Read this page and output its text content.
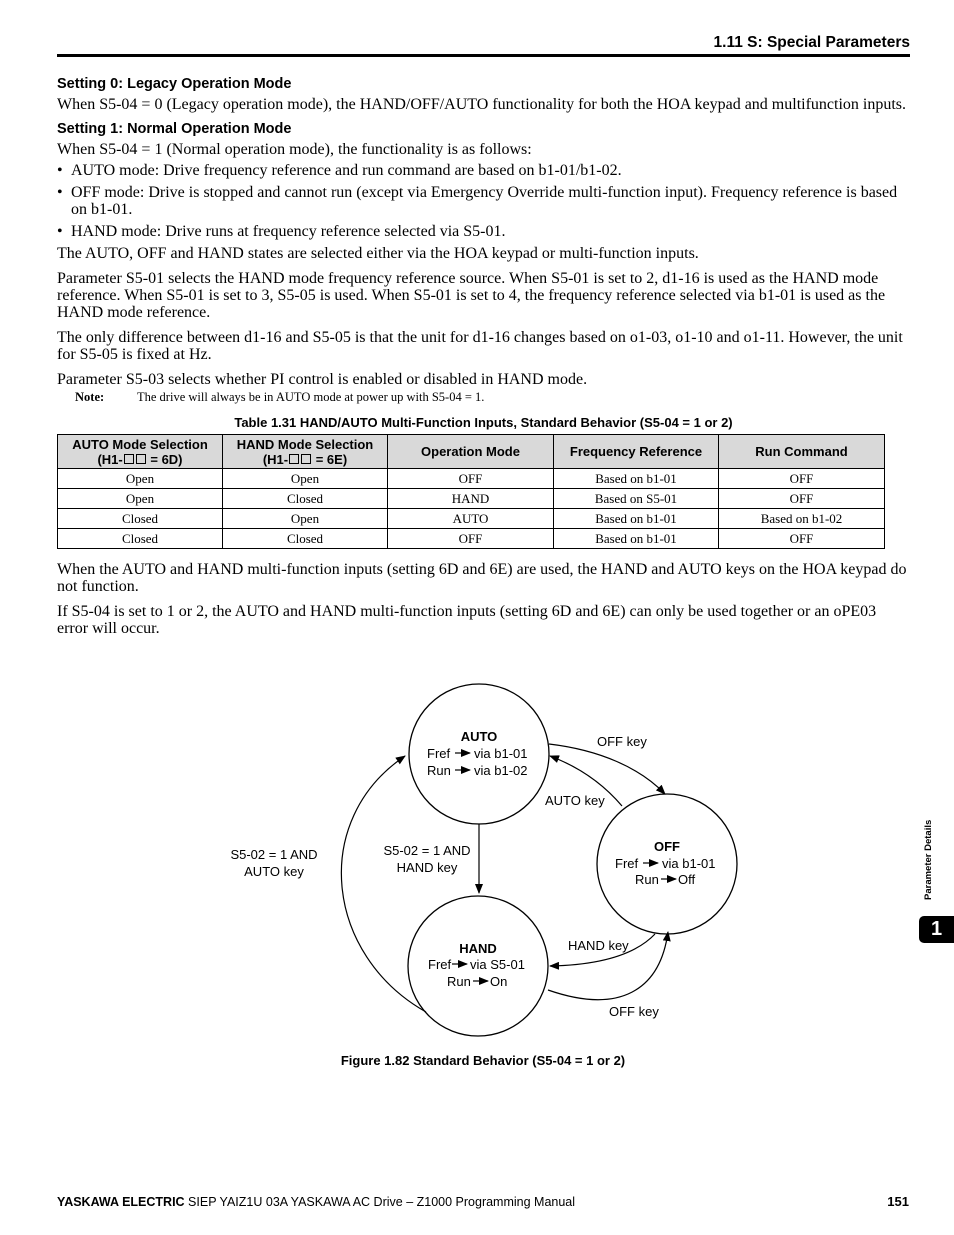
1.11 S: Special Parameters
Setting 0: Legacy Operation Mode

When S5-04 = 0 (Legacy operation mode), the HAND/OFF/AUTO functionality for both the HOA keypad and multifunction inputs.

Setting 1: Normal Operation Mode

When S5-04 = 1 (Normal operation mode), the functionality is as follows:

• AUTO mode: Drive frequency reference and run command are based on b1-01/b1-02.
• OFF mode: Drive is stopped and cannot run (except via Emergency Override multi-function input). Frequency reference is based on b1-01.
• HAND mode: Drive runs at frequency reference selected via S5-01.

The AUTO, OFF and HAND states are selected either via the HOA keypad or multi-function inputs.

Parameter S5-01 selects the HAND mode frequency reference source. When S5-01 is set to 2, d1-16 is used as the HAND mode reference. When S5-01 is set to 3, S5-05 is used. When S5-01 is set to 4, the frequency reference selected via b1-01 is used as the HAND mode reference.

The only difference between d1-16 and S5-05 is that the unit for d1-16 changes based on o1-03, o1-10 and o1-11. However, the unit for S5-05 is fixed at Hz.

Parameter S5-03 selects whether PI control is enabled or disabled in HAND mode.

Note:	The drive will always be in AUTO mode at power up with S5-04 = 1.
Table 1.31 HAND/AUTO Multi-Function Inputs, Standard Behavior (S5-04 = 1 or 2)
AUTO Mode Selection
(H1- = 6D)	HAND Mode Selection
(H1- = 6E)	Operation Mode	Frequency Reference	Run Command
Open	Open	OFF	Based on b1-01	OFF
Open	Closed	HAND	Based on S5-01	OFF
Closed	Open	AUTO	Based on b1-01	Based on b1-02
Closed	Closed	OFF	Based on b1-01	OFF

When the AUTO and HAND multi-function inputs (setting 6D and 6E) are used, the HAND and AUTO keys on the HOA keypad do not function.

If S5-04 is set to 1 or 2, the AUTO and HAND multi-function inputs (setting 6D and 6E) can only be used together or an oPE03 error will occur.

AUTO
Fref via b1-01
Run via b1-02
OFF
Fref via b1-01
Run Off
HAND
Fref via S5-01
Run On
OFF key
AUTO key
S5-02 = 1 AND
AUTO key
S5-02 = 1 AND
HAND key
HAND key
OFF key
Figure 1.82 Standard Behavior (S5-04 = 1 or 2)
Parameter Details
1
YASKAWA ELECTRIC SIEP YAIZ1U 03A YASKAWA AC Drive – Z1000 Programming Manual	151
